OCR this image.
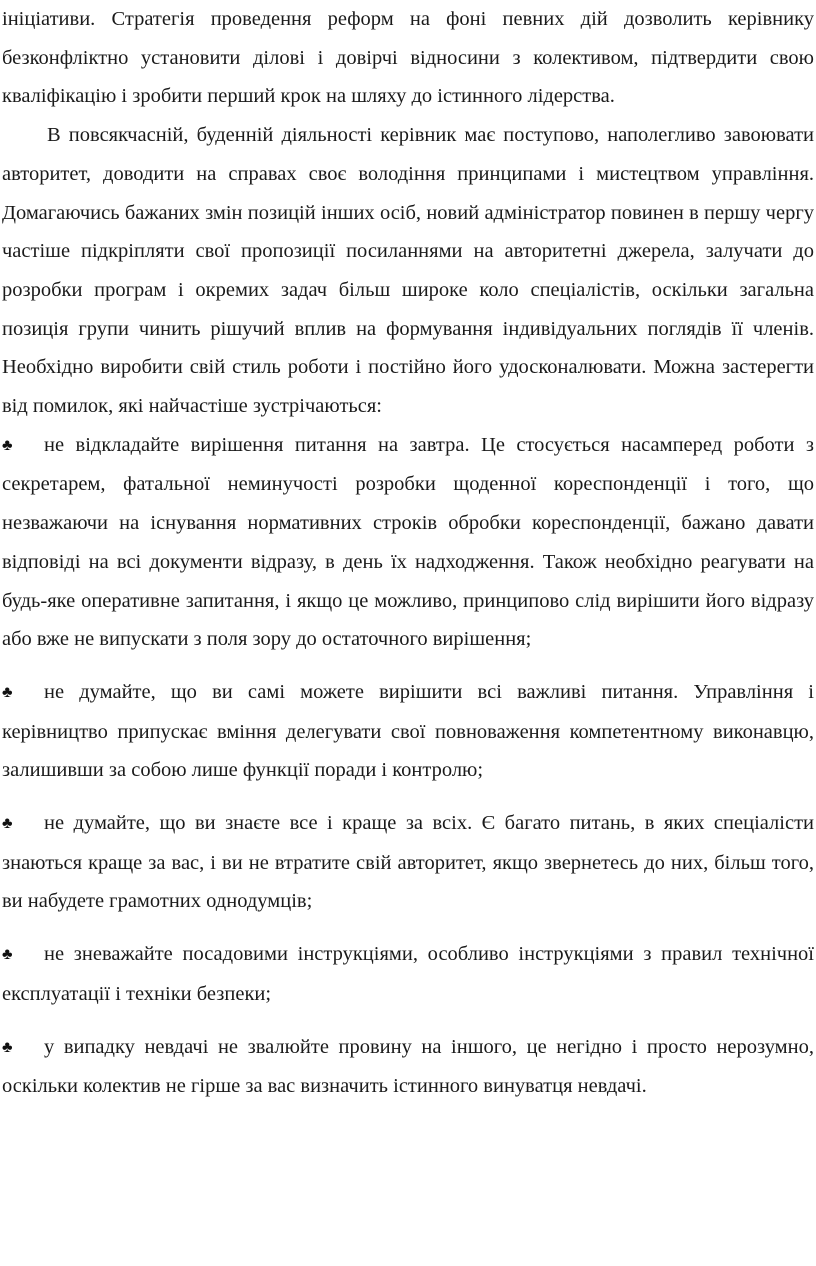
ініціативи. Стратегія проведення реформ на фоні певних дій дозволить керівнику безконфліктно установити ділові і довірчі відносини з колективом, підтвердити свою кваліфікацію і зробити перший крок на шляху до істинного лідерства.

В повсякчасній, буденній діяльності керівник має поступово, наполегливо завоювати авторитет, доводити на справах своє володіння принципами і мистецтвом управління. Домагаючись бажаних змін позицій інших осіб, новий адміністратор повинен в першу чергу частіше підкріпляти свої пропозиції посиланнями на авторитетні джерела, залучати до розробки програм і окремих задач більш широке коло спеціалістів, оскільки загальна позиція групи чинить рішучий вплив на формування індивідуальних поглядів її членів. Необхідно виробити свій стиль роботи і постійно його удосконалювати. Можна застерегти від помилок, які найчастіше зустрічаються:

♣ не відкладайте вирішення питання на завтра. Це стосується насамперед роботи з секретарем, фатальної неминучості розробки щоденної кореспонденції і того, що незважаючи на існування нормативних строків обробки кореспонденції, бажано давати відповіді на всі документи відразу, в день їх надходження. Також необхідно реагувати на будь-яке оперативне запитання, і якщо це можливо, принципово слід вирішити його відразу або вже не випускати з поля зору до остаточного вирішення;

♣ не думайте, що ви самі можете вирішити всі важливі питання. Управління і керівництво припускає вміння делегувати свої повноваження компетентному виконавцю, залишивши за собою лише функції поради і контролю;

♣ не думайте, що ви знаєте все і краще за всіх. Є багато питань, в яких спеціалісти знаються краще за вас, і ви не втратите свій авторитет, якщо звернетесь до них, більш того, ви набудете грамотних однодумців;

♣ не зневажайте посадовими інструкціями, особливо інструкціями з правил технічної експлуатації і техніки безпеки;

♣ у випадку невдачі не звалюйте провину на іншого, це негідно і просто нерозумно, оскільки колектив не гірше за вас визначить істинного винуватця невдачі.
